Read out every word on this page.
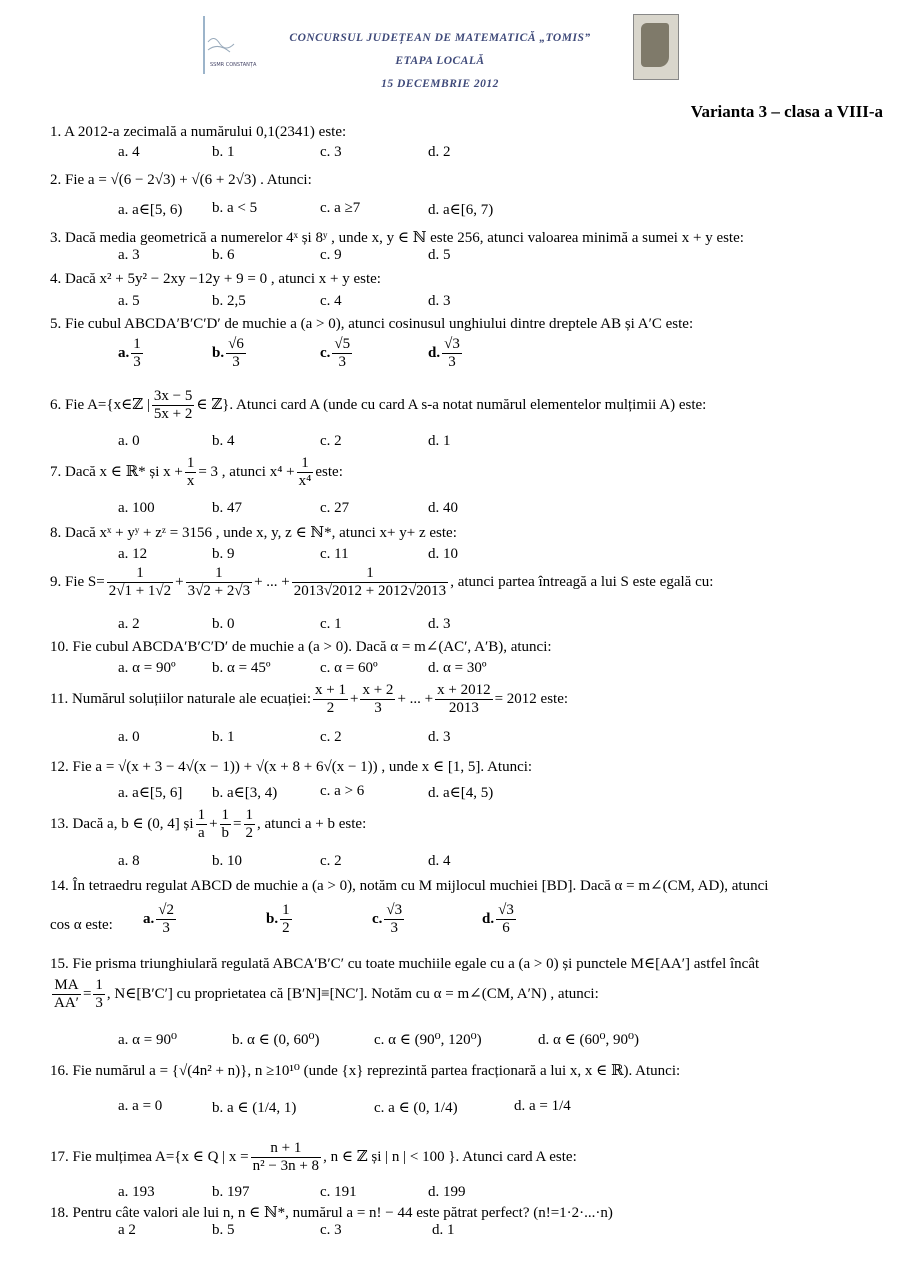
SSMR CONSTANȚA
CONCURSUL JUDEȚEAN DE MATEMATICĂ „TOMIS”
ETAPA LOCALĂ
15 DECEMBRIE 2012
Varianta 3 – clasa a VIII-a
1. A 2012-a zecimală a numărului 0,1(2341) este:
a. 4	b. 1	c. 3	d. 2
2. Fie a = √(6 − 2√3) + √(6 + 2√3) . Atunci:
a. a∈[5, 6) b. a < 5	c. a ≥7	d. a∈[6, 7)
3. Dacă media geometrică a numerelor 4ˣ și 8ʸ , unde x, y ∈ ℕ este 256, atunci valoarea minimă a sumei x + y este:
a. 3	b. 6	c. 9	d. 5
4. Dacă x² + 5y² − 2xy −12y + 9 = 0 , atunci x + y este:
a. 5	b. 2,5	c. 4	d. 3
5. Fie cubul ABCDA′B′C′D′ de muchie a (a > 0), atunci cosinusul unghiului dintre dreptele AB și A′C este:
a. $\frac{1}{3}$	b. $\frac{√6}{3}$	c. $\frac{√5}{3}$	d. $\frac{√3}{3}$
6. Fie A={x∈ℤ | $\frac{3x - 5}{5x + 2}$ ∈ ℤ}. Atunci card A (unde cu card A s-a notat numărul elementelor mulțimii A) este:
a. 0	b. 4	c. 2	d. 1
7. Dacă x ∈ ℝ* și $x + \frac{1}{x} = 3$ , atunci $x^4 + \frac{1}{\text{x⁴}}$ este:
a. 100	b. 47	c. 27	d. 40
8. Dacă xˣ + yʸ + zᶻ = 3156 , unde x, y, z ∈ ℕ*, atunci x+ y+ z este:
a. 12	b. 9	c. 11	d. 10
9. Fie $S= \frac{1}{2√1 + 1√2} + \frac{1}{3√2 + 2√3}$ + ... + $\frac{1}{2013√2012 + 2012√2013}$ , atunci partea întreagă a lui S este egală cu:
a. 2	b. 0	c. 1	d. 3
10. Fie cubul ABCDA′B′C′D′ de muchie a (a > 0). Dacă α = m∠(AC′, A′B), atunci:
a. α = 90º b. α = 45º	c. α = 60º	d. α = 30º
11. Numărul soluțiilor naturale ale ecuației: $\frac{x + 1}{2} + \frac{x + 2}{3}$ + ... + $\frac{x + 2012}{2013} = 2012$ este:
a. 0	b. 1	c. 2	d. 3
12. Fie a = √(x + 3 − 4√(x − 1)) + √(x + 8 + 6√(x − 1)) , unde x ∈ [1, 5]. Atunci:
a. a∈[5, 6] b. a∈[3, 4)	c. a > 6	d. a∈[4, 5)
13. Dacă a, b ∈ (0, 4] și $\frac{1}{a} + \frac{1}{b} = \frac{1}{2}$ , atunci a + b este:
a. 8	b. 10	c. 2	d. 4
14. În tetraedru regulat ABCD de muchie a (a > 0), notăm cu M mijlocul muchiei [BD]. Dacă α = m∠(CM, AD), atunci
cos α este: a. $\frac{√2}{3}$	b. $\frac{1}{2}$	c. $\frac{√3}{3}$	d. $\frac{√3}{6}$
15. Fie prisma triunghiulară regulată ABCA′B′C′ cu toate muchiile egale cu a (a > 0) și punctele M∈[AA′] astfel încât
$\frac{MA}{AA'} = \frac{1}{3}$ , N∈[B′C′] cu proprietatea că [B′N]≡[NC′]. Notăm cu α = m∠(CM, A′N) , atunci:
a. α = 90⁰	b. α ∈ (0, 60⁰)	c. α ∈ (90⁰, 120⁰)	d. α ∈ (60⁰, 90⁰)
16. Fie numărul a = {√(4n² + n)}, n ≥10¹⁰ (unde {x} reprezintă partea fracționară a lui x, x ∈ ℝ). Atunci:
a. a = 0	b. a ∈ (1/4, 1)	c. a ∈ (0, 1/4)	d. a = 1/4
17. Fie mulțimea A={x ∈ Q | $x = \frac{n + 1}{\text{n² − 3n + 8}}$ , n ∈ ℤ și | n | < 100 }. Atunci card A este:
a. 193	b. 197	c. 191	d. 199
18. Pentru câte valori ale lui n, n ∈ ℕ*, numărul a = n! − 44 este pătrat perfect? (n!=1·2·...·n)
a 2	b. 5	c. 3	d. 1
